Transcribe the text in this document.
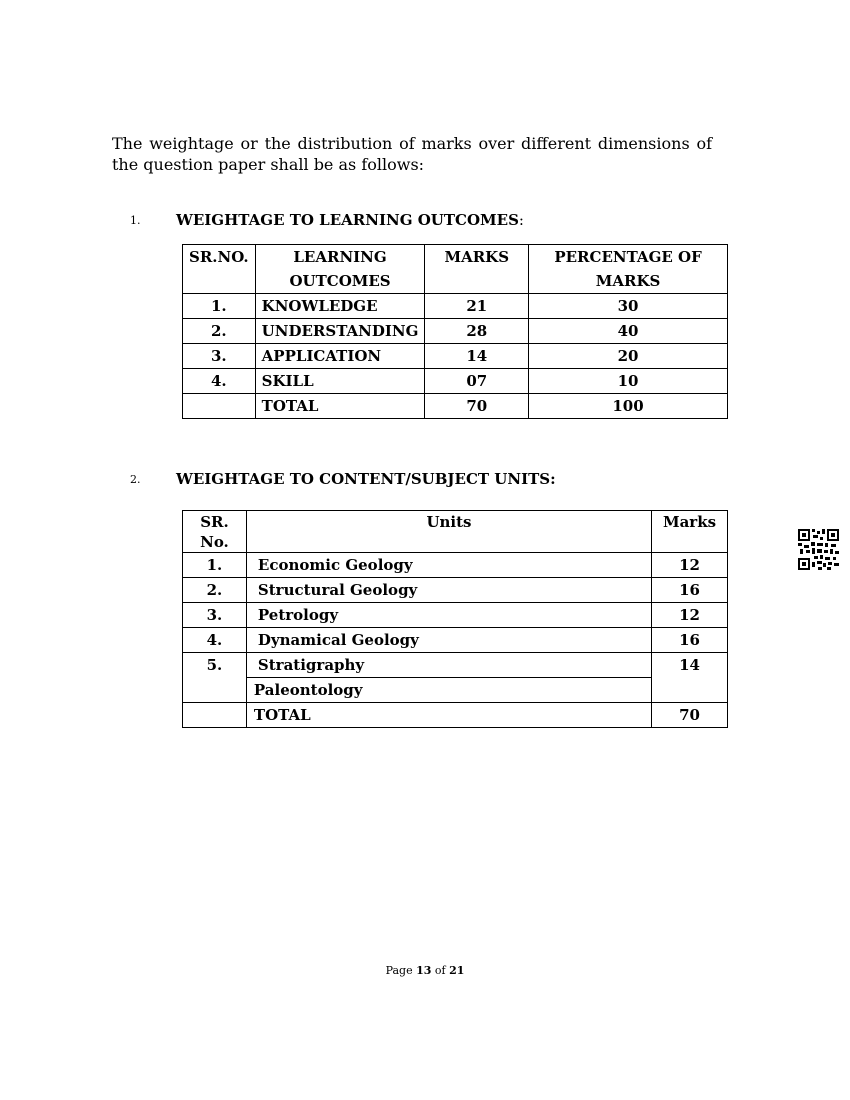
The weightage or the distribution of marks over different dimensions of the question paper shall be as follows:
1. WEIGHTAGE TO LEARNING OUTCOMES:
SR.NO.	LEARNING OUTCOMES	MARKS	PERCENTAGE OF MARKS
1.	KNOWLEDGE	21	30
2.	UNDERSTANDING	28	40
3.	APPLICATION	14	20
4.	SKILL	07	10
	TOTAL	70	100
2. WEIGHTAGE TO CONTENT/SUBJECT UNITS:
SR. No.	Units	Marks
1.	Economic Geology	12
2.	Structural Geology	16
3.	Petrology	12
4.	Dynamical Geology	16
5.	Stratigraphy	14
	Paleontology	
	TOTAL	70
Page 13 of 21
